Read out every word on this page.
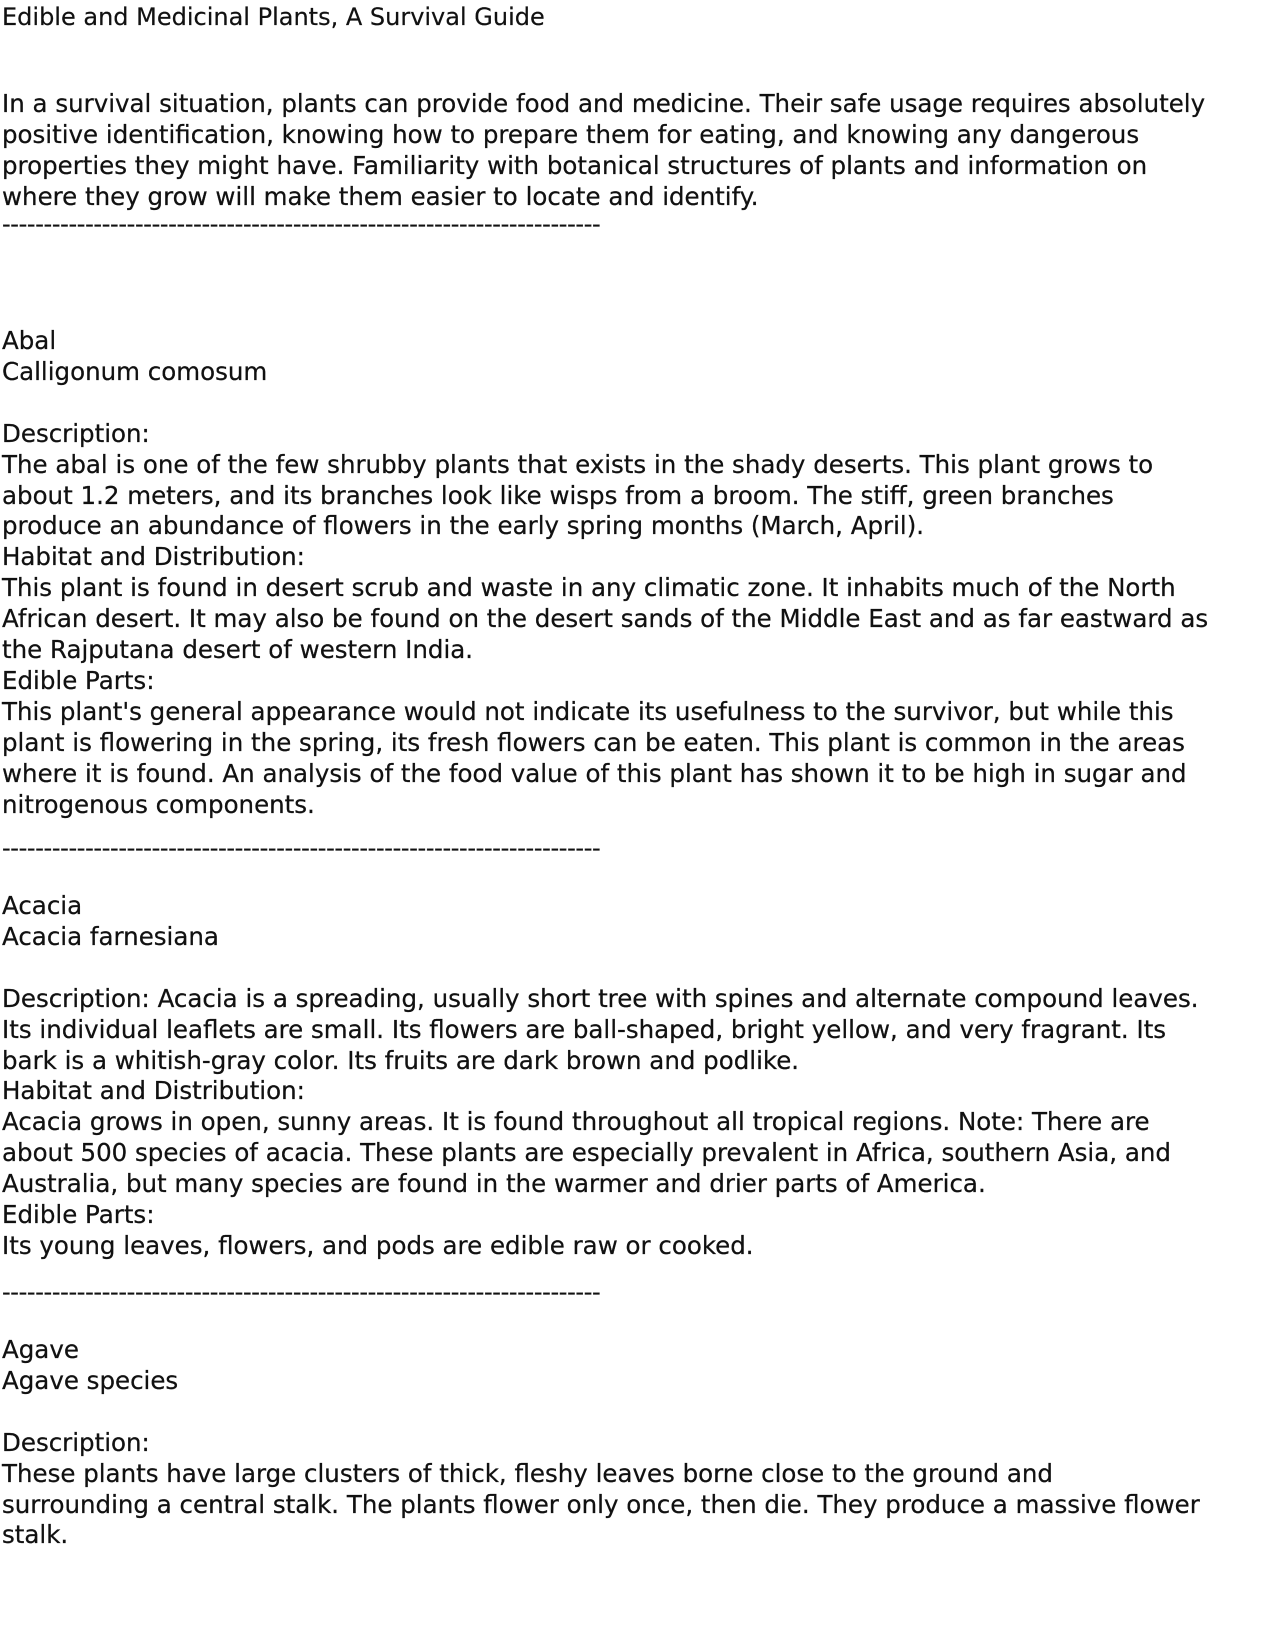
Edible and Medicinal Plants, A Survival Guide
In a survival situation, plants can provide food and medicine. Their safe usage requires absolutely
positive identification, knowing how to prepare them for eating, and knowing any dangerous
properties they might have. Familiarity with botanical structures of plants and information on
where they grow will make them easier to locate and identify.
------------------------------------------------------------------------
Abal
Calligonum comosum

Description:
The abal is one of the few shrubby plants that exists in the shady deserts. This plant grows to
about 1.2 meters, and its branches look like wisps from a broom. The stiff, green branches
produce an abundance of flowers in the early spring months (March, April).
Habitat and Distribution:
This plant is found in desert scrub and waste in any climatic zone. It inhabits much of the North
African desert. It may also be found on the desert sands of the Middle East and as far eastward as
the Rajputana desert of western India.
Edible Parts:
This plant's general appearance would not indicate its usefulness to the survivor, but while this
plant is flowering in the spring, its fresh flowers can be eaten. This plant is common in the areas
where it is found. An analysis of the food value of this plant has shown it to be high in sugar and
nitrogenous components.
------------------------------------------------------------------------
Acacia
Acacia farnesiana

Description: Acacia is a spreading, usually short tree with spines and alternate compound leaves.
Its individual leaflets are small. Its flowers are ball-shaped, bright yellow, and very fragrant. Its
bark is a whitish-gray color. Its fruits are dark brown and podlike.
Habitat and Distribution:
Acacia grows in open, sunny areas. It is found throughout all tropical regions. Note: There are
about 500 species of acacia. These plants are especially prevalent in Africa, southern Asia, and
Australia, but many species are found in the warmer and drier parts of America.
Edible Parts:
Its young leaves, flowers, and pods are edible raw or cooked.
------------------------------------------------------------------------
Agave
Agave species

Description:
These plants have large clusters of thick, fleshy leaves borne close to the ground and
surrounding a central stalk. The plants flower only once, then die. They produce a massive flower
stalk.
